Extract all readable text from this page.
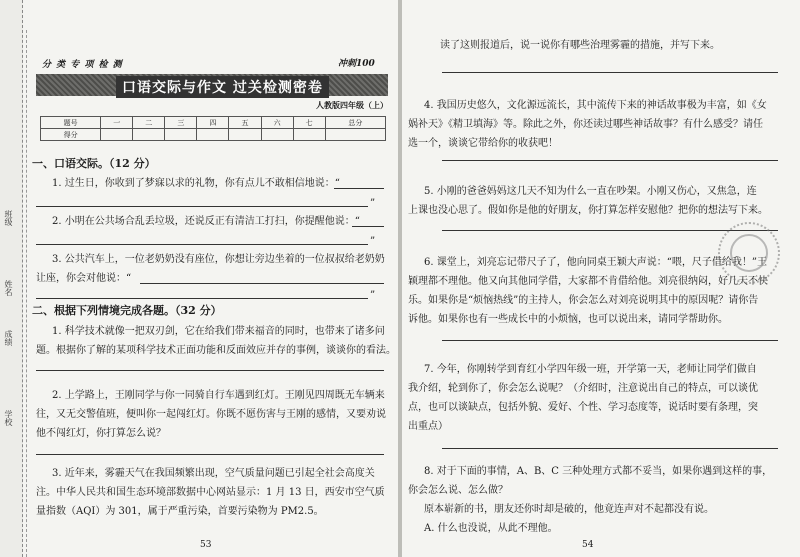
班级
姓名
成绩
学校
分 类 专 项 检 测	冲刺100
口语交际与作文 过关检测密卷
人教版四年级（上）
题号	一	二	三	四	五	六	七	总分
得分								
一、口语交际。（12 分）
1. 过生日，你收到了梦寐以求的礼物，你有点儿不敢相信地说：“
”
2. 小明在公共场合乱丢垃圾，还说反正有清洁工打扫，你提醒他说：“
”
3. 公共汽车上，一位老奶奶没有座位，你想让旁边坐着的一位叔叔给老奶奶
让座，你会对他说：“
”
二、根据下列情境完成各题。（32 分）
1. 科学技术就像一把双刃剑，它在给我们带来福音的同时，也带来了诸多问
题。根据你了解的某项科学技术正面功能和反面效应并存的事例，谈谈你的看法。
2. 上学路上，王刚同学与你一同骑自行车遇到红灯。王刚见四周既无车辆来
往，又无交警值班，便叫你一起闯红灯。你既不愿伤害与王刚的感情，又要劝说
他不闯红灯，你打算怎么说？
3. 近年来，雾霾天气在我国频繁出现，空气质量问题已引起全社会高度关
注。中华人民共和国生态环境部数据中心网站显示：1 月 13 日，西安市空气质
量指数（AQI）为 301，属于严重污染，首要污染物为 PM2.5。
53
读了这则报道后，说一说你有哪些治理雾霾的措施，并写下来。
4. 我国历史悠久，文化源远流长，其中流传下来的神话故事极为丰富，如《女
娲补天》《精卫填海》等。除此之外，你还读过哪些神话故事？有什么感受？请任
选一个，谈谈它带给你的收获吧！
5. 小刚的爸爸妈妈这几天不知为什么一直在吵架。小刚又伤心，又焦急，连
上课也没心思了。假如你是他的好朋友，你打算怎样安慰他？把你的想法写下来。
6. 课堂上，刘亮忘记带尺子了，他向同桌王颖大声说：“喂，尺子借给我！”王
颖理都不理他。他又向其他同学借，大家都不肯借给他。刘亮很纳闷，好几天不快
乐。如果你是“烦恼热线”的主持人，你会怎么对刘亮说明其中的原因呢？请你告
诉他。如果你也有一些成长中的小烦恼，也可以说出来，请同学帮助你。
7. 今年，你刚转学到育红小学四年级一班，开学第一天，老师让同学们做自
我介绍，轮到你了，你会怎么说呢？（介绍时，注意说出自己的特点，可以谈优
点，也可以谈缺点，包括外貌、爱好、个性、学习态度等，说话时要有条理，突
出重点）
8. 对于下面的事情，A、B、C 三种处理方式都不妥当，如果你遇到这样的事，
你会怎么说、怎么做？
原本崭新的书，朋友还你时却是破的，他竟连声对不起都没有说。
A. 什么也没说，从此不理他。
54
